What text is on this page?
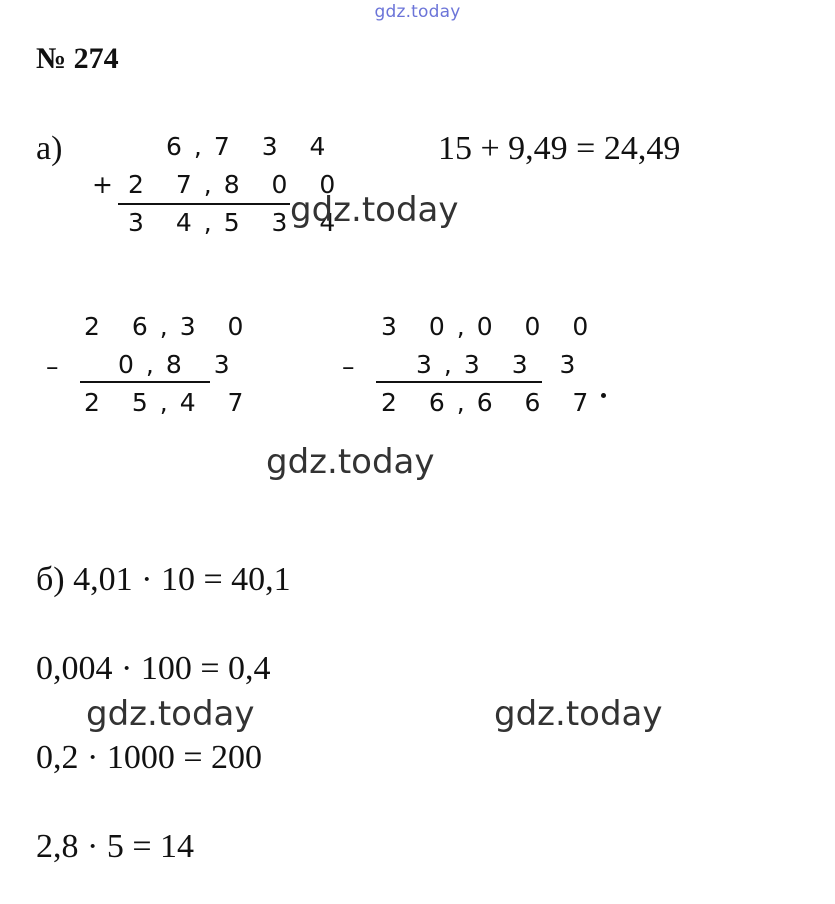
gdz.today
№ 274
а)	6,7 3 4
+ 2 7,8 0 0
3 4,5 3 4
15 + 9,49 = 24,49
2 6,3 0
– 0,8 3
2 5,4 7
3 0,0 0 0
– 3,3 3 3
2 6,6 6 7
б) 4,01 · 10 = 40,1
0,004 · 100 = 0,4
0,2 · 1000 = 200
2,8 · 5 = 14
gdz.today
gdz.today
gdz.today	gdz.today
